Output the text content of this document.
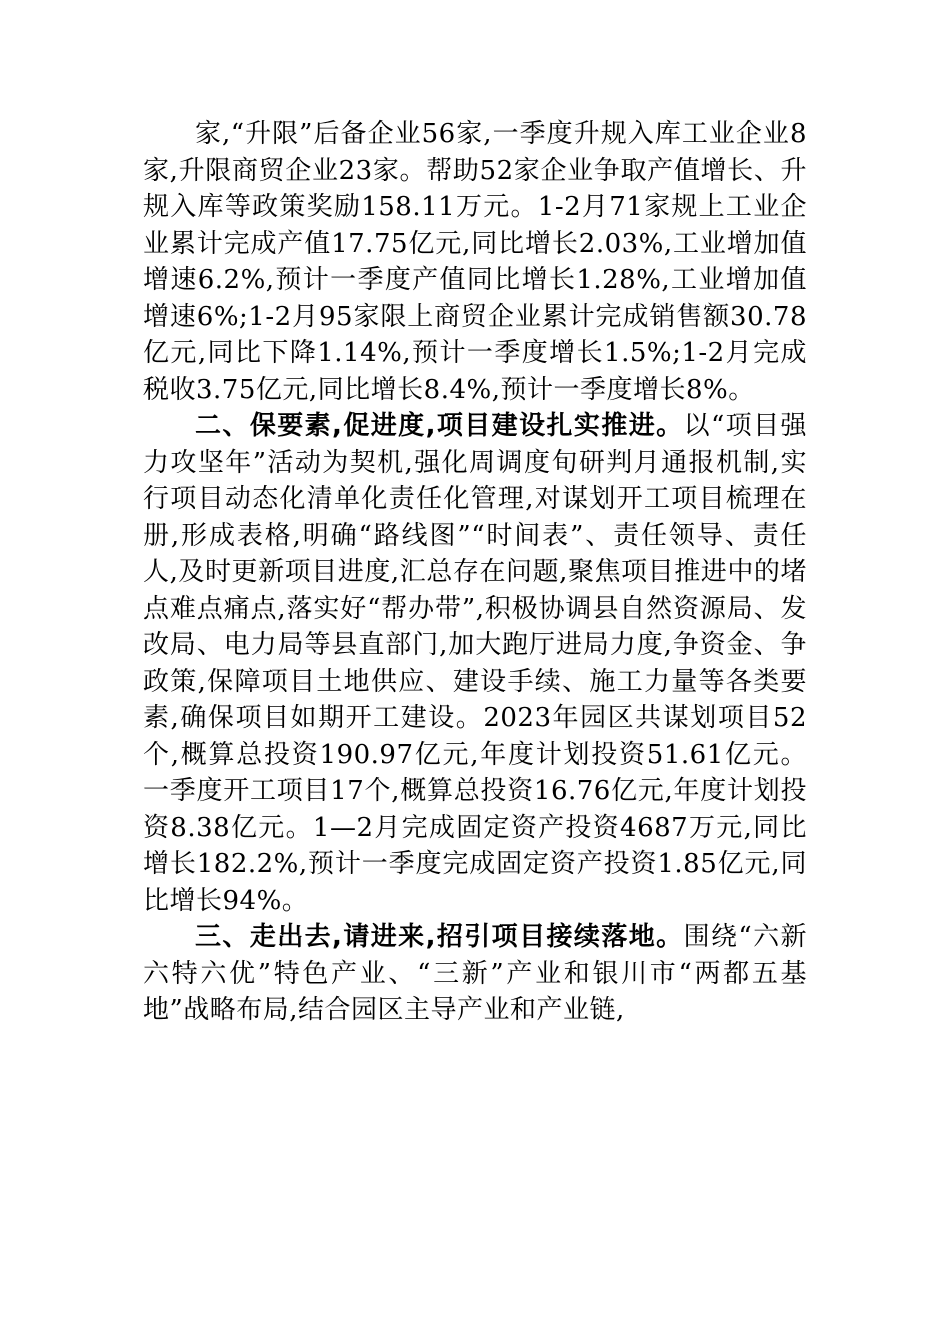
家,“升限”后备企业56家,一季度升规入库工业企业8家,升限商贸企业23家。帮助52家企业争取产值增长、升规入库等政策奖励158.11万元。1-2月71家规上工业企业累计完成产值17.75亿元,同比增长2.03%,工业增加值增速6.2%,预计一季度产值同比增长1.28%,工业增加值增速6%;1-2月95家限上商贸企业累计完成销售额30.78亿元,同比下降1.14%,预计一季度增长1.5%;1-2月完成税收3.75亿元,同比增长8.4%,预计一季度增长8%。

二、保要素,促进度,项目建设扎实推进。以“项目强力攻坚年”活动为契机,强化周调度旬研判月通报机制,实行项目动态化清单化责任化管理,对谋划开工项目梳理在册,形成表格,明确“路线图”“时间表”、责任领导、责任人,及时更新项目进度,汇总存在问题,聚焦项目推进中的堵点难点痛点,落实好“帮办带”,积极协调县自然资源局、发改局、电力局等县直部门,加大跑厅进局力度,争资金、争政策,保障项目土地供应、建设手续、施工力量等各类要素,确保项目如期开工建设。2023年园区共谋划项目52个,概算总投资190.97亿元,年度计划投资51.61亿元。一季度开工项目17个,概算总投资16.76亿元,年度计划投资8.38亿元。1—2月完成固定资产投资4687万元,同比增长182.2%,预计一季度完成固定资产投资1.85亿元,同比增长94%。

三、走出去,请进来,招引项目接续落地。围绕“六新六特六优”特色产业、“三新”产业和银川市“两都五基地”战略布局,结合园区主导产业和产业链,
